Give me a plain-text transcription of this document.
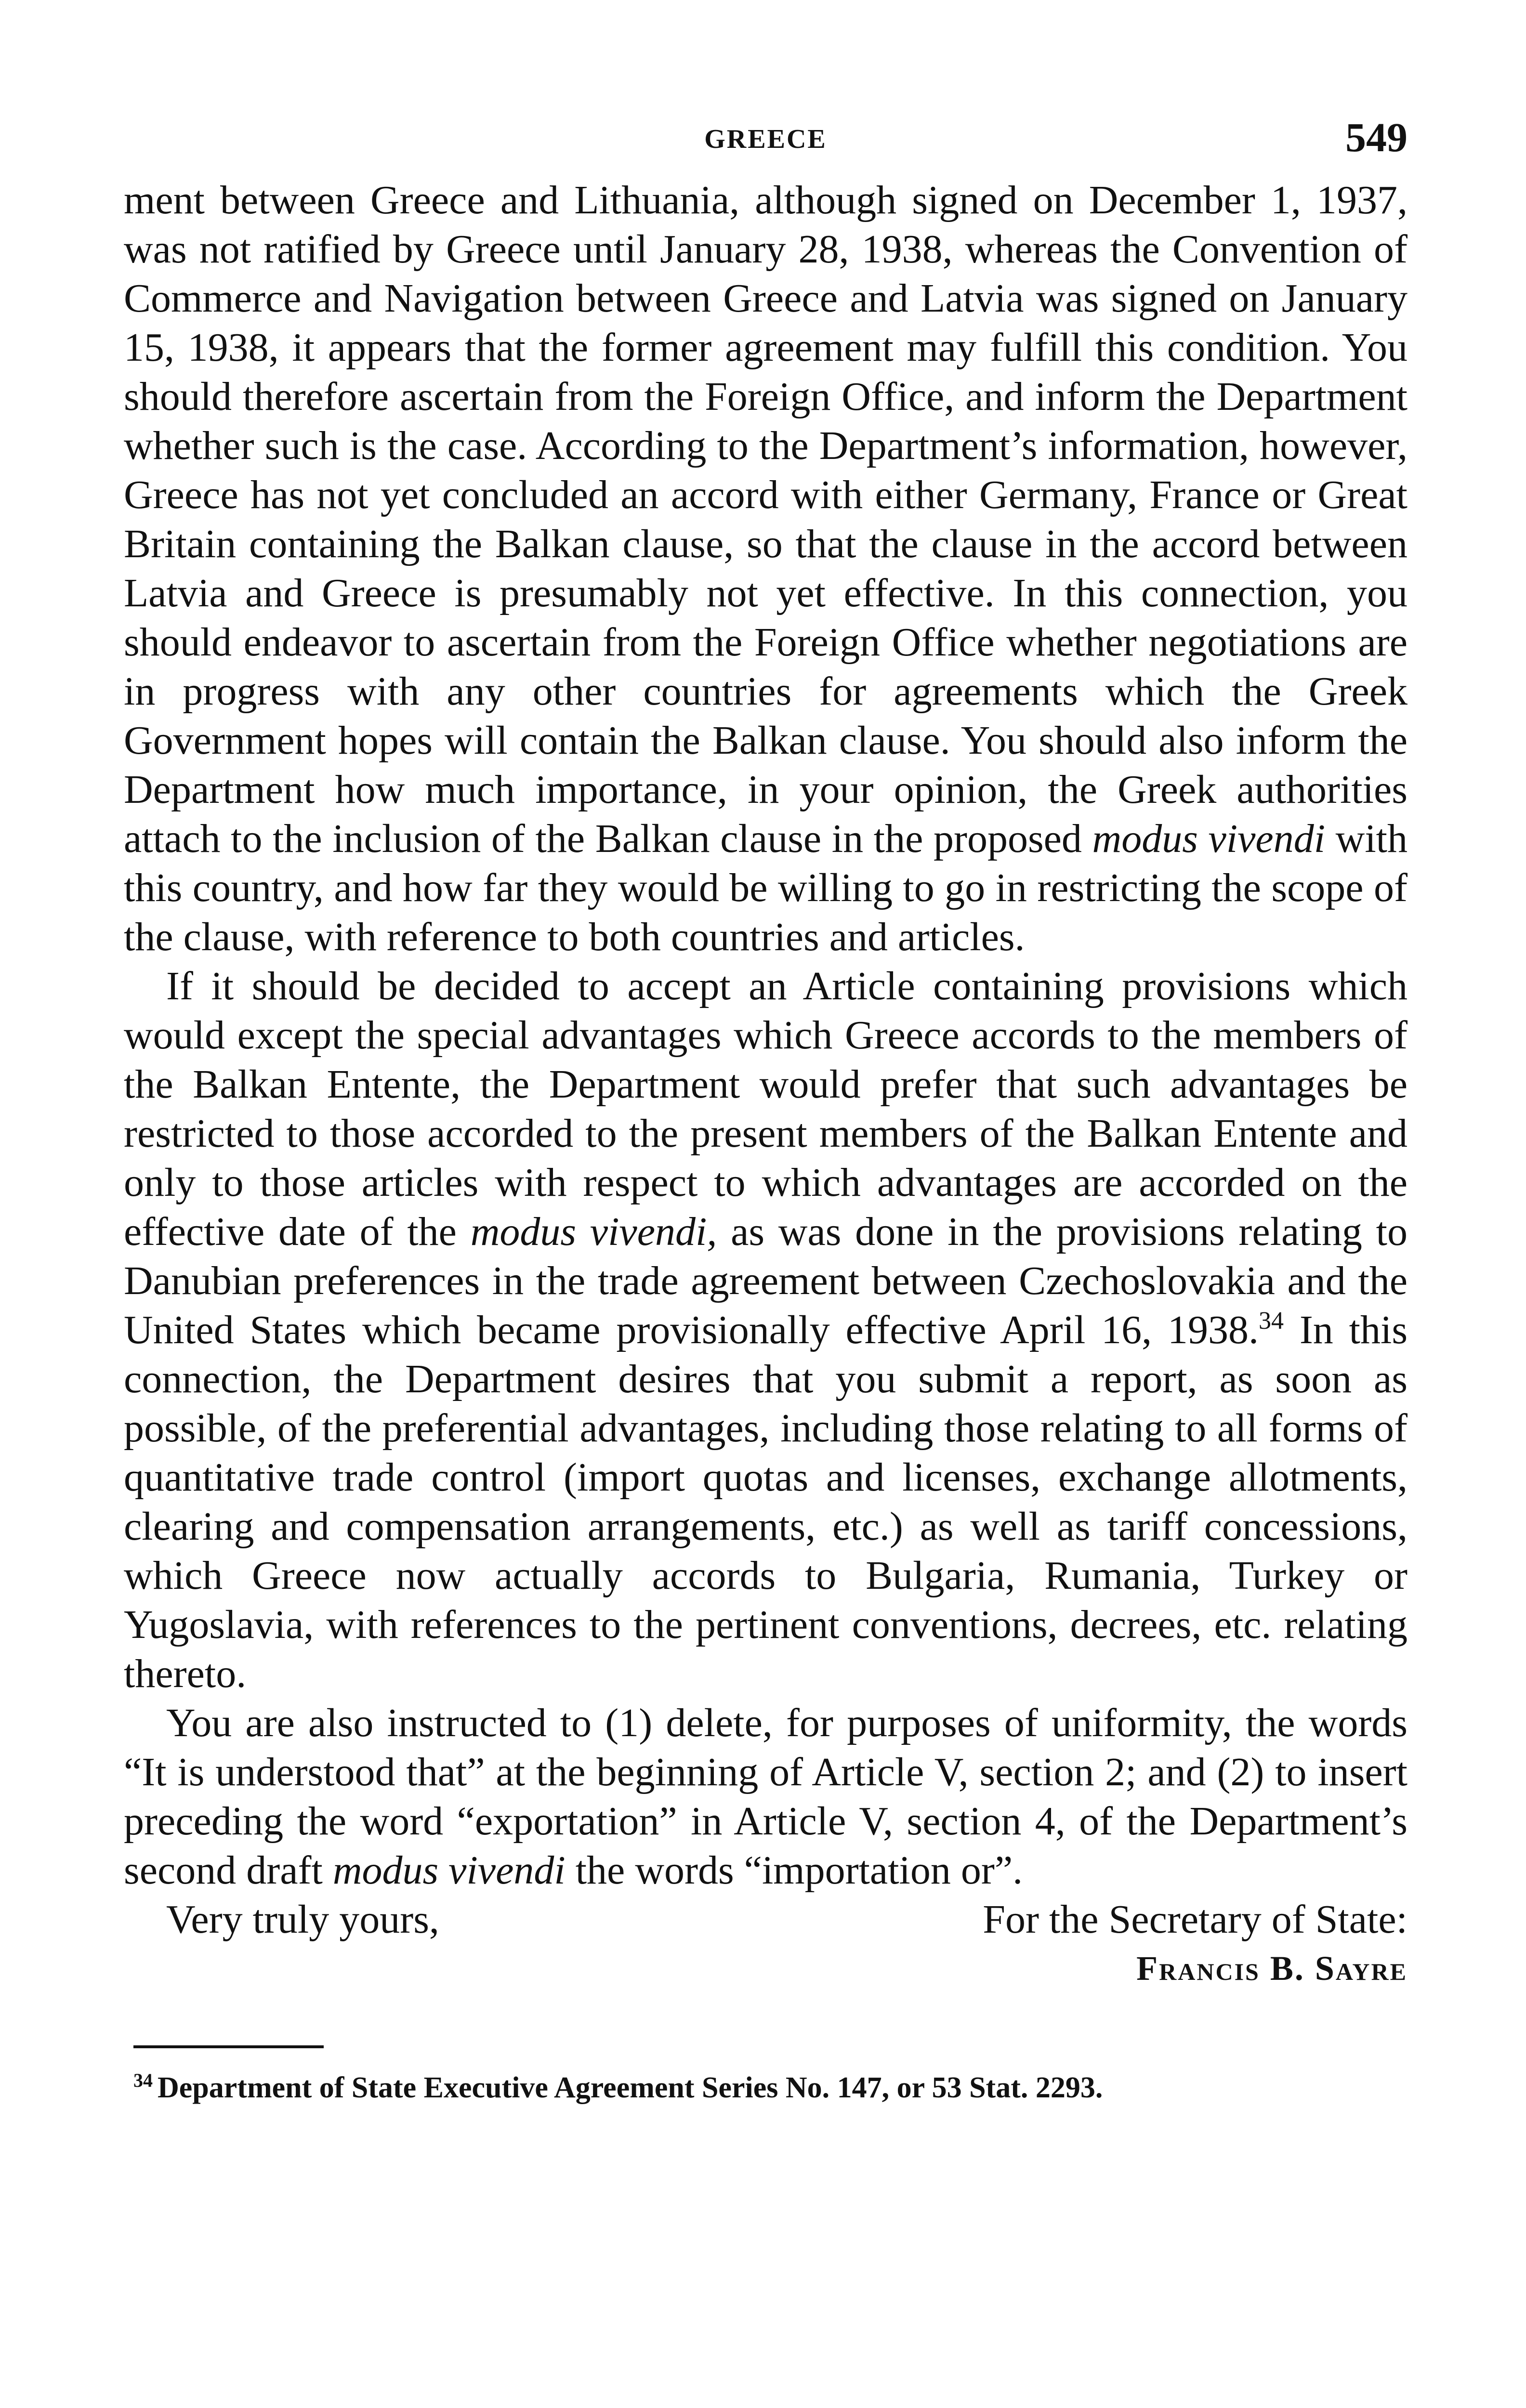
GREECE	549

ment between Greece and Lithuania, although signed on December 1, 1937, was not ratified by Greece until January 28, 1938, whereas the Convention of Commerce and Navigation between Greece and Latvia was signed on January 15, 1938, it appears that the former agreement may fulfill this condition. You should therefore ascertain from the Foreign Office, and inform the Department whether such is the case. According to the Department’s information, however, Greece has not yet concluded an accord with either Germany, France or Great Britain containing the Balkan clause, so that the clause in the accord between Latvia and Greece is presumably not yet effective. In this connection, you should endeavor to ascertain from the Foreign Office whether negotiations are in progress with any other countries for agreements which the Greek Government hopes will contain the Balkan clause. You should also inform the Department how much importance, in your opinion, the Greek authorities attach to the inclusion of the Balkan clause in the proposed modus vivendi with this country, and how far they would be willing to go in restricting the scope of the clause, with reference to both countries and articles.

If it should be decided to accept an Article containing provisions which would except the special advantages which Greece accords to the members of the Balkan Entente, the Department would prefer that such advantages be restricted to those accorded to the present members of the Balkan Entente and only to those articles with respect to which advantages are accorded on the effective date of the modus vivendi, as was done in the provisions relating to Danubian preferences in the trade agreement between Czechoslovakia and the United States which became provisionally effective April 16, 1938.34 In this connection, the Department desires that you submit a report, as soon as possible, of the preferential advantages, including those relating to all forms of quantitative trade control (import quotas and licenses, exchange allotments, clearing and compensation arrangements, etc.) as well as tariff concessions, which Greece now actually accords to Bulgaria, Rumania, Turkey or Yugoslavia, with references to the pertinent conventions, decrees, etc. relating thereto.

You are also instructed to (1) delete, for purposes of uniformity, the words “It is understood that” at the beginning of Article V, section 2; and (2) to insert preceding the word “exportation” in Article V, section 4, of the Department’s second draft modus vivendi the words “importation or”.

Very truly yours,	For the Secretary of State:
Francis B. Sayre
$^{34}$ Department of State Executive Agreement Series No. 147, or 53 Stat. 2293.
